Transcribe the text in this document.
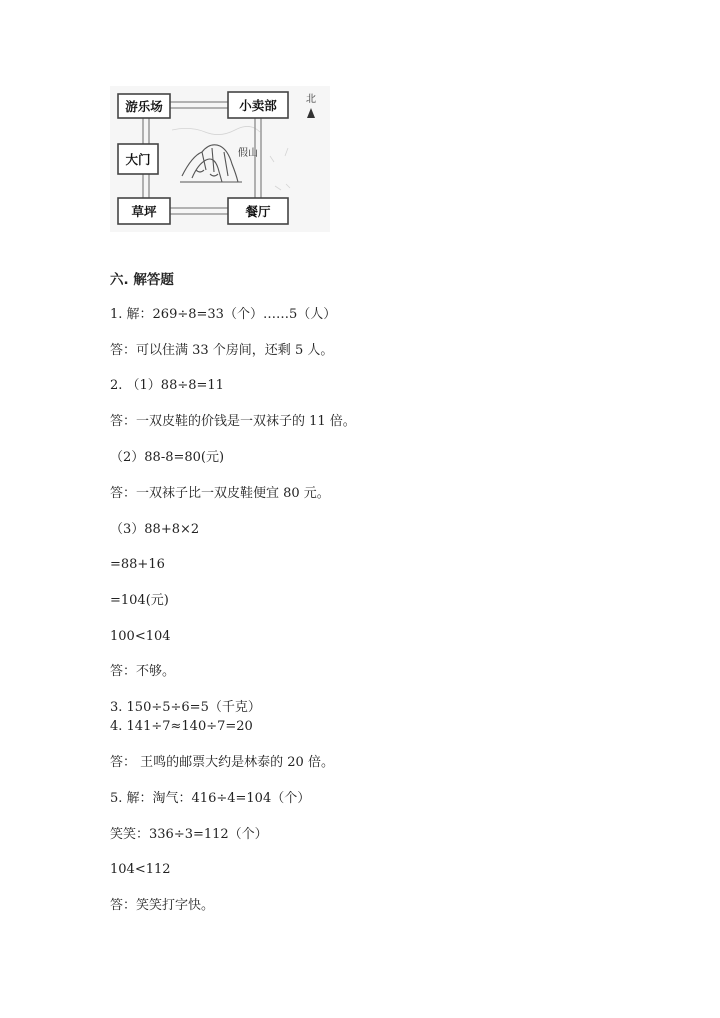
游乐场	小卖部
大门
草坪	餐厅
假山
北
六. 解答题
1. 解：269÷8=33（个）……5（人）
答：可以住满 33 个房间，还剩 5 人。
2. （1）88÷8=11
答：一双皮鞋的价钱是一双袜子的 11 倍。
（2）88-8=80(元)
答：一双袜子比一双皮鞋便宜 80 元。
（3）88+8×2
=88+16
=104(元)
100<104
答：不够。
3. 150÷5÷6=5（千克）
4. 141÷7≈140÷7=20
答： 王鸣的邮票大约是林泰的 20 倍。
5. 解：淘气：416÷4=104（个）
笑笑：336÷3=112（个）
104<112
答：笑笑打字快。
